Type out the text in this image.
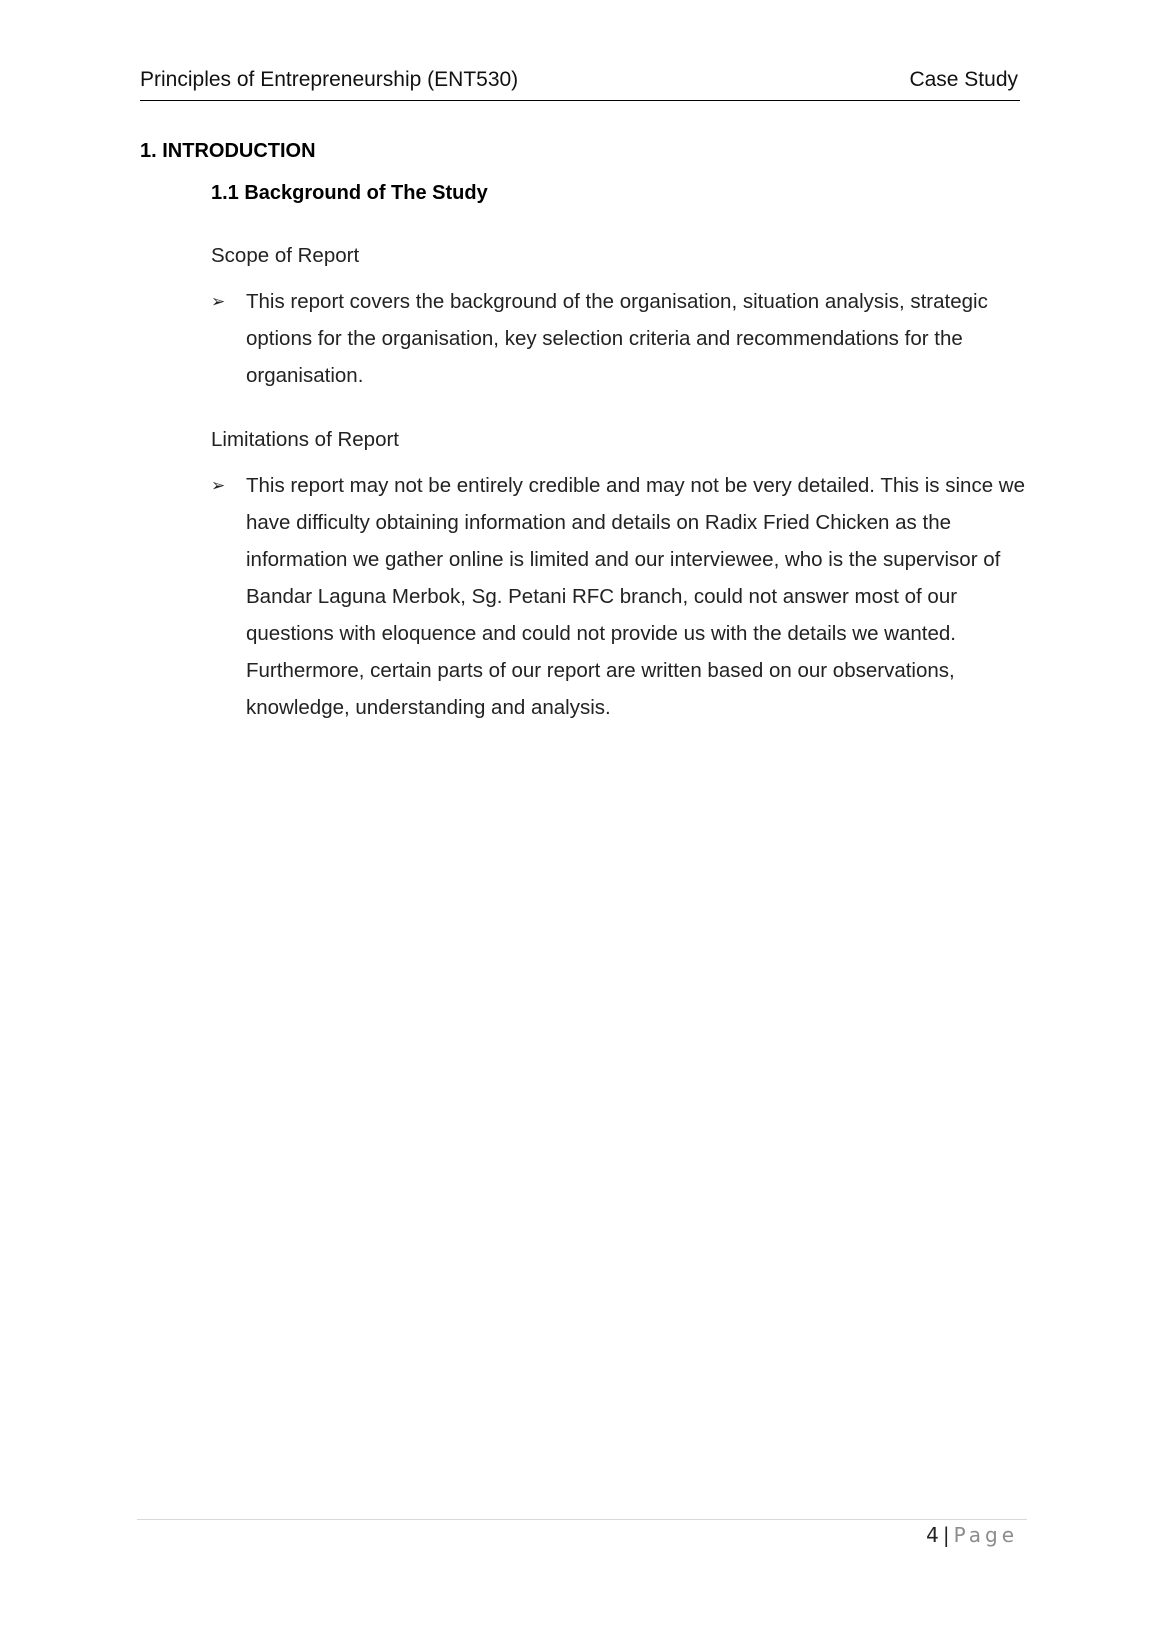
Principles of Entrepreneurship (ENT530)	Case Study
1. INTRODUCTION
1.1 Background of The Study
Scope of Report
➢	This report covers the background of the organisation, situation analysis, strategic options for the organisation, key selection criteria and recommendations for the organisation.
Limitations of Report
➢	This report may not be entirely credible and may not be very detailed. This is since we have difficulty obtaining information and details on Radix Fried Chicken as the information we gather online is limited and our interviewee, who is the supervisor of Bandar Laguna Merbok, Sg. Petani RFC branch, could not answer most of our questions with eloquence and could not provide us with the details we wanted. Furthermore, certain parts of our report are written based on our observations, knowledge, understanding and analysis.
4 | Page
